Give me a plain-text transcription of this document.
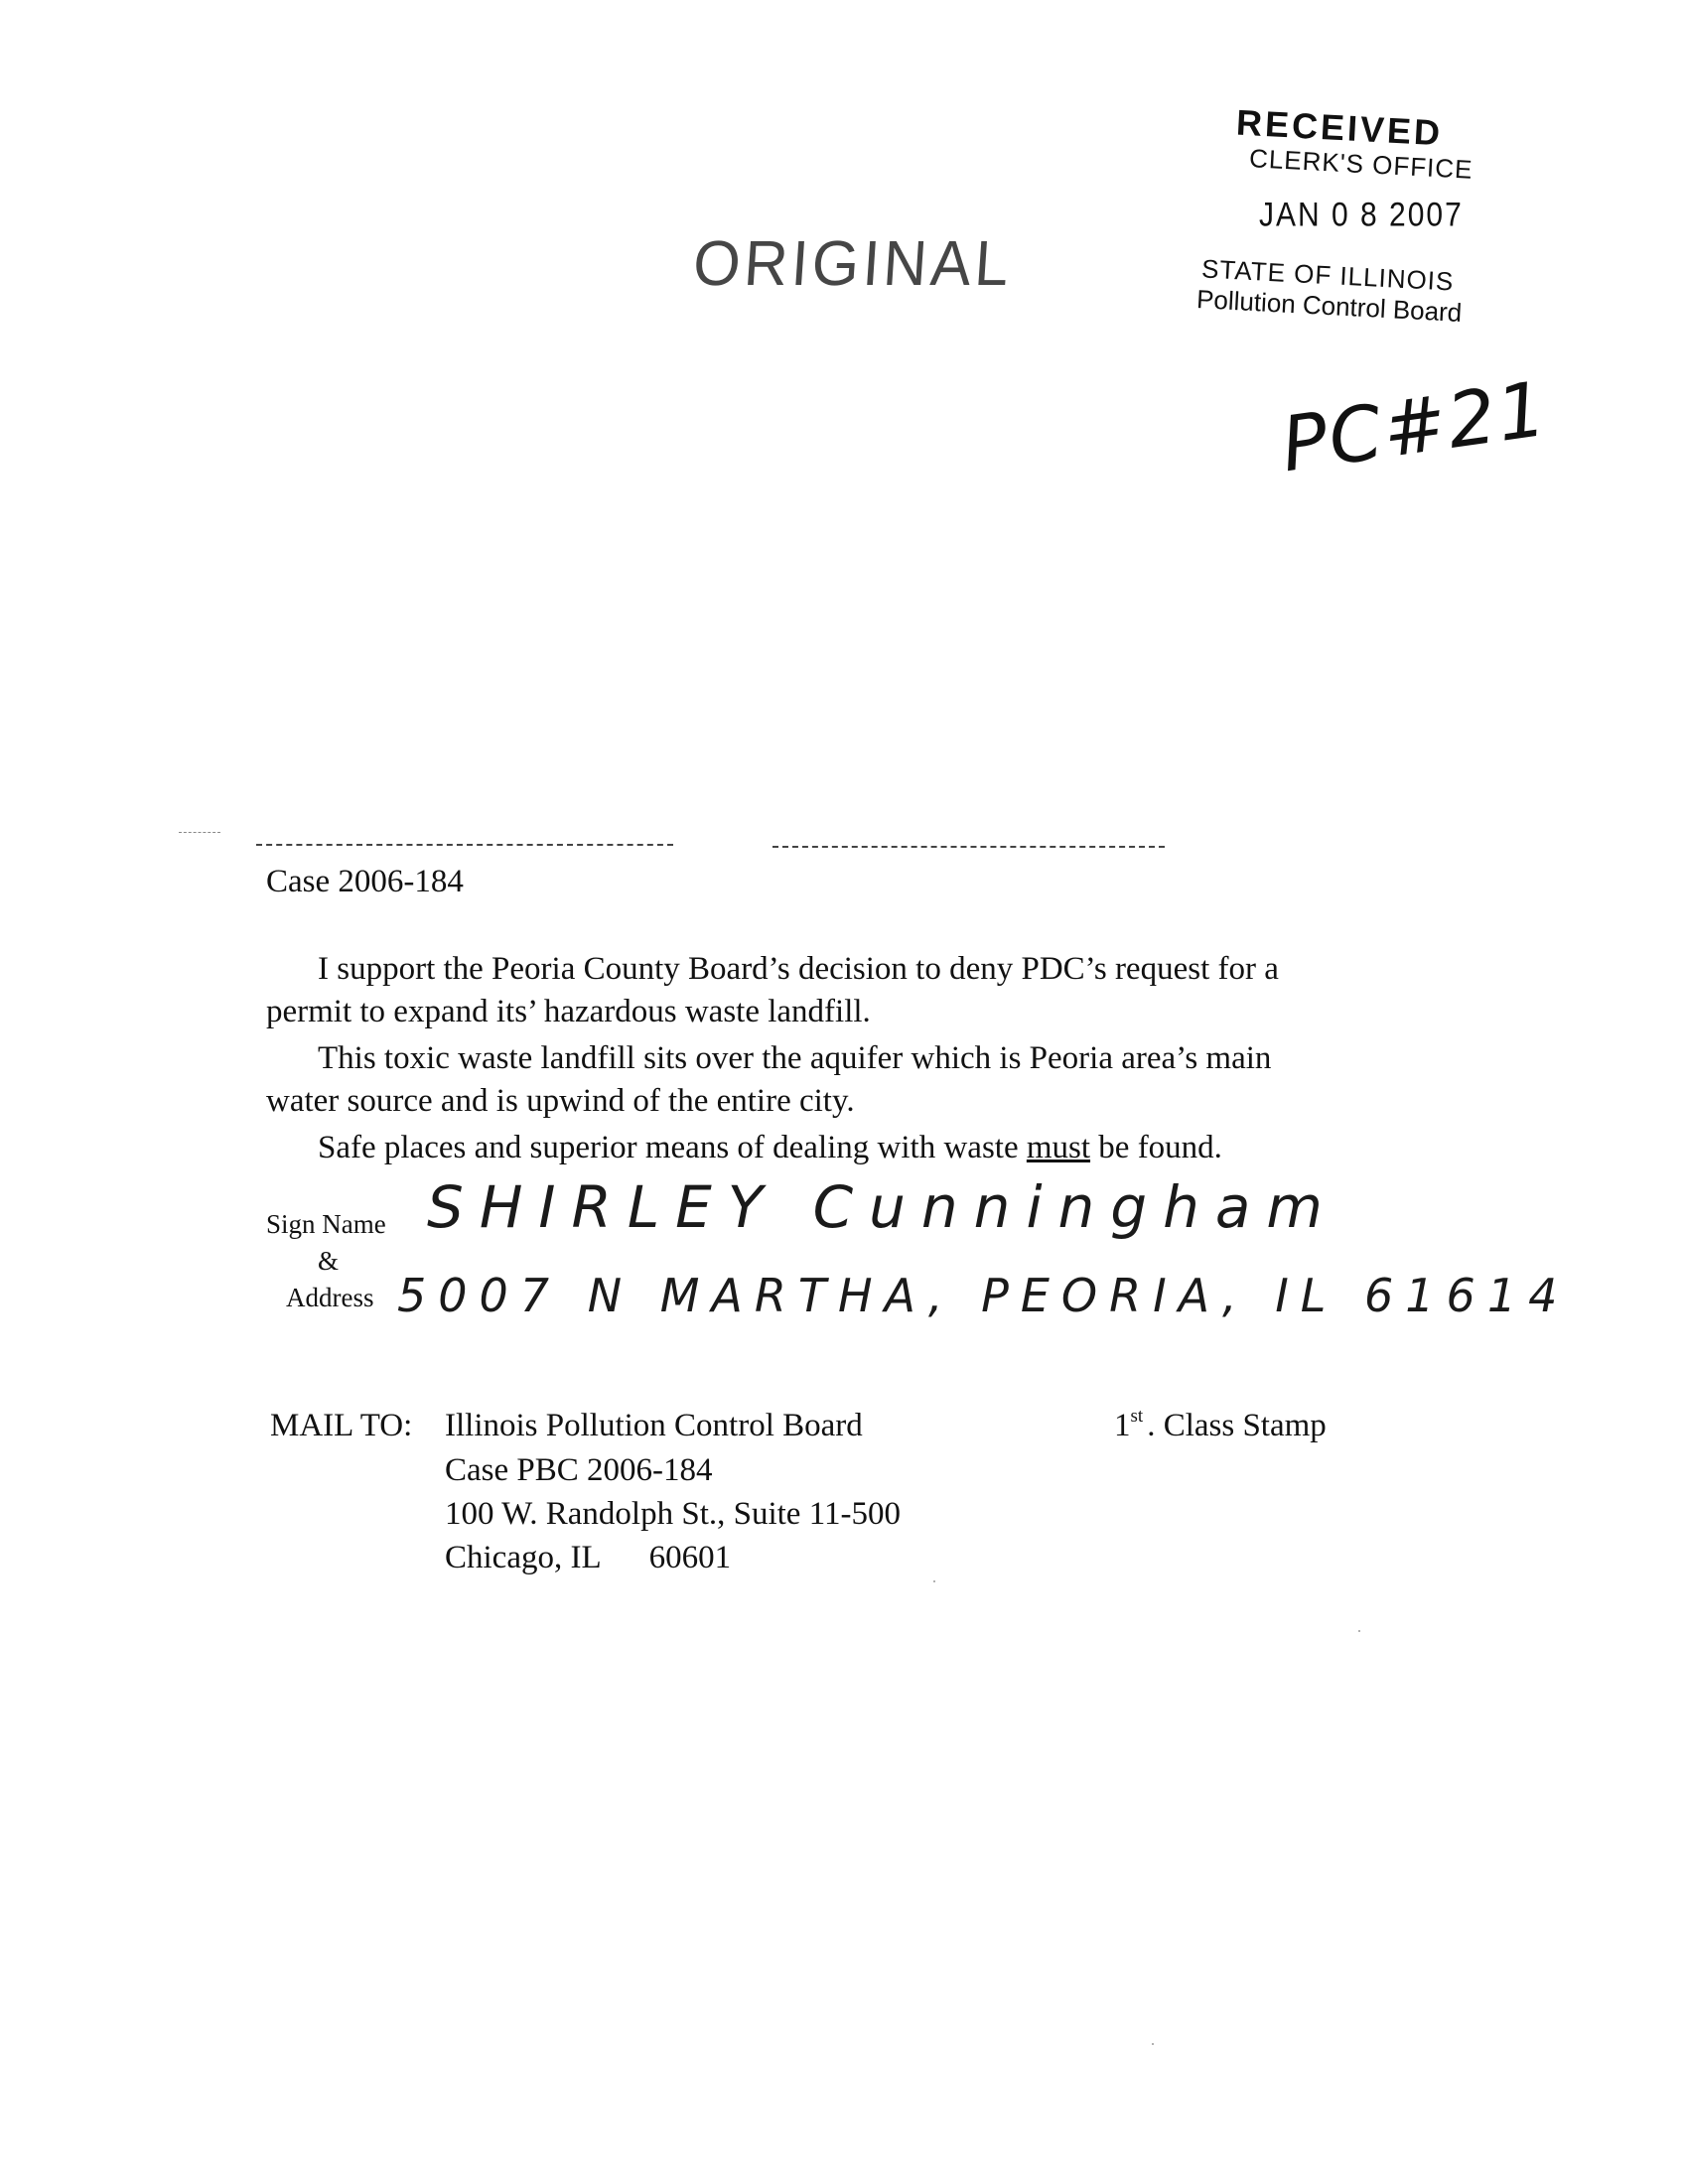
RECEIVED
CLERK'S OFFICE
JAN 0 8 2007
STATE OF ILLINOIS
Pollution Control Board
ORIGINAL
PC#21
Case 2006-184
I support the Peoria County Board’s decision to deny PDC’s request for a
permit to expand its’ hazardous waste landfill.
This toxic waste landfill sits over the aquifer which is Peoria area’s main
water source and is upwind of the entire city.
Safe places and superior means of dealing with waste must be found.
Sign Name
&
Address
SHIRLEY Cunningham
5007 N MARTHA, PEORIA, IL 61614
MAIL TO: Illinois Pollution Control Board
Case PBC 2006-184
100 W. Randolph St., Suite 11-500
Chicago, IL 60601
1st . Class Stamp
